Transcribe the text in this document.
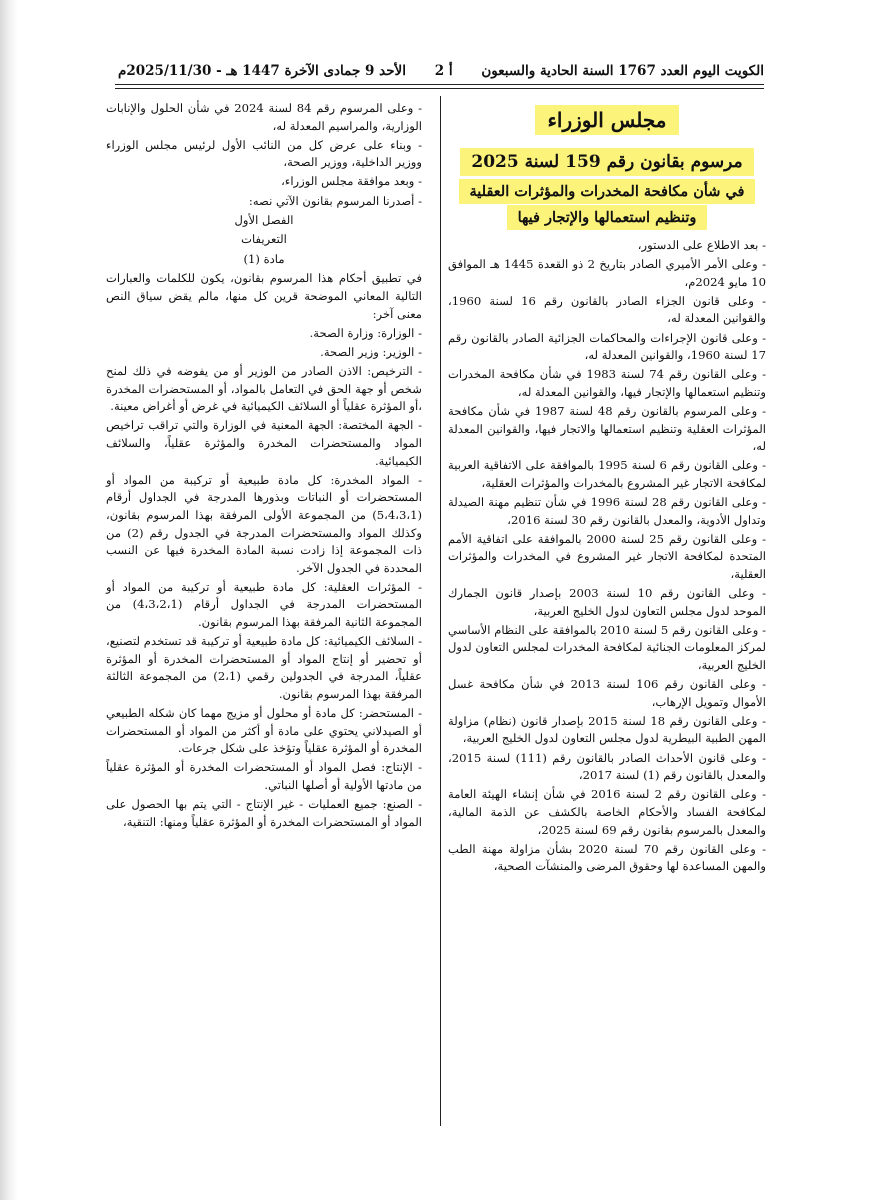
الكويت اليوم العدد 1767 السنة الحادية والسبعون
أ 2
الأحد 9 جمادى الآخرة 1447 هـ - 2025/11/30م
مجلس الوزراء
مرسوم بقانون رقم 159 لسنة 2025
في شأن مكافحة المخدرات والمؤثرات العقلية
وتنظيم استعمالها والإتجار فيها

- بعد الاطلاع على الدستور،

- وعلى الأمر الأميري الصادر بتاريخ 2 ذو القعدة 1445 هـ الموافق 10 مايو 2024م،

- وعلى قانون الجزاء الصادر بالقانون رقم 16 لسنة 1960، والقوانين المعدلة له،

- وعلى قانون الإجراءات والمحاكمات الجزائية الصادر بالقانون رقم 17 لسنة 1960، والقوانين المعدلة له،

- وعلى القانون رقم 74 لسنة 1983 في شأن مكافحة المخدرات وتنظيم استعمالها والإتجار فيها، والقوانين المعدلة له،

- وعلى المرسوم بالقانون رقم 48 لسنة 1987 في شأن مكافحة المؤثرات العقلية وتنظيم استعمالها والاتجار فيها، والقوانين المعدلة له،

- وعلى القانون رقم 6 لسنة 1995 بالموافقة على الاتفاقية العربية لمكافحة الاتجار غير المشروع بالمخدرات والمؤثرات العقلية،

- وعلى القانون رقم 28 لسنة 1996 في شأن تنظيم مهنة الصيدلة وتداول الأدوية، والمعدل بالقانون رقم 30 لسنة 2016،

- وعلى القانون رقم 25 لسنة 2000 بالموافقة على اتفاقية الأمم المتحدة لمكافحة الاتجار غير المشروع في المخدرات والمؤثرات العقلية،

- وعلى القانون رقم 10 لسنة 2003 بإصدار قانون الجمارك الموحد لدول مجلس التعاون لدول الخليج العربية،

- وعلى القانون رقم 5 لسنة 2010 بالموافقة على النظام الأساسي لمركز المعلومات الجنائية لمكافحة المخدرات لمجلس التعاون لدول الخليج العربية،

- وعلى القانون رقم 106 لسنة 2013 في شأن مكافحة غسل الأموال وتمويل الإرهاب،

- وعلى القانون رقم 18 لسنة 2015 بإصدار قانون (نظام) مزاولة المهن الطبية البيطرية لدول مجلس التعاون لدول الخليج العربية،

- وعلى قانون الأحداث الصادر بالقانون رقم (111) لسنة 2015، والمعدل بالقانون رقم (1) لسنة 2017،

- وعلى القانون رقم 2 لسنة 2016 في شأن إنشاء الهيئة العامة لمكافحة الفساد والأحكام الخاصة بالكشف عن الذمة المالية، والمعدل بالمرسوم بقانون رقم 69 لسنة 2025،

- وعلى القانون رقم 70 لسنة 2020 بشأن مزاولة مهنة الطب والمهن المساعدة لها وحقوق المرضى والمنشآت الصحية،

- وعلى المرسوم رقم 84 لسنة 2024 في شأن الحلول والإنابات الوزارية، والمراسيم المعدلة له،

- وبناء على عرض كل من النائب الأول لرئيس مجلس الوزراء ووزير الداخلية، ووزير الصحة،

- وبعد موافقة مجلس الوزراء،

- أصدرنا المرسوم بقانون الآتي نصه:

الفصل الأول

التعريفات

مادة (1)

في تطبيق أحكام هذا المرسوم بقانون، يكون للكلمات والعبارات التالية المعاني الموضحة قرين كل منها، مالم يقض سياق النص معنى آخر:

- الوزارة: وزارة الصحة.

- الوزير: وزير الصحة.

- الترخيص: الاذن الصادر من الوزير أو من يفوضه في ذلك لمنح شخص أو جهة الحق في التعامل بالمواد، أو المستحضرات المخدرة ،أو المؤثرة عقلياً أو السلائف الكيميائية في غرض أو أغراض معينة.

- الجهة المختصة: الجهة المعنية في الوزارة والتي تراقب تراخيص المواد والمستحضرات المخدرة والمؤثرة عقلياً، والسلائف الكيميائية.

- المواد المخدرة: كل مادة طبيعية أو تركيبة من المواد أو المستحضرات أو النباتات وبذورها المدرجة في الجداول أرقام (5،4،3،1) من المجموعة الأولى المرفقة بهذا المرسوم بقانون، وكذلك المواد والمستحضرات المدرجة في الجدول رقم (2) من ذات المجموعة إذا زادت نسبة المادة المخدرة فيها عن النسب المحددة في الجدول الآخر.

- المؤثرات العقلية: كل مادة طبيعية أو تركيبة من المواد أو المستحضرات المدرجة في الجداول أرقام (4،3،2،1) من المجموعة الثانية المرفقة بهذا المرسوم بقانون.

- السلائف الكيميائية: كل مادة طبيعية أو تركيبة قد تستخدم لتصنيع، أو تحضير أو إنتاج المواد أو المستحضرات المخدرة أو المؤثرة عقلياً، المدرجة في الجدولين رقمي (2،1) من المجموعة الثالثة المرفقة بهذا المرسوم بقانون.

- المستحضر: كل مادة أو محلول أو مزيج مهما كان شكله الطبيعي أو الصيدلاني يحتوي على مادة أو أكثر من المواد أو المستحضرات المخدرة أو المؤثرة عقلياً وتؤخذ على شكل جرعات.

- الإنتاج: فصل المواد أو المستحضرات المخدرة أو المؤثرة عقلياً من مادتها الأولية أو أصلها النباتي.

- الصنع: جميع العمليات - غير الإنتاج - التي يتم بها الحصول على المواد أو المستحضرات المخدرة أو المؤثرة عقلياً ومنها: التنقية،
